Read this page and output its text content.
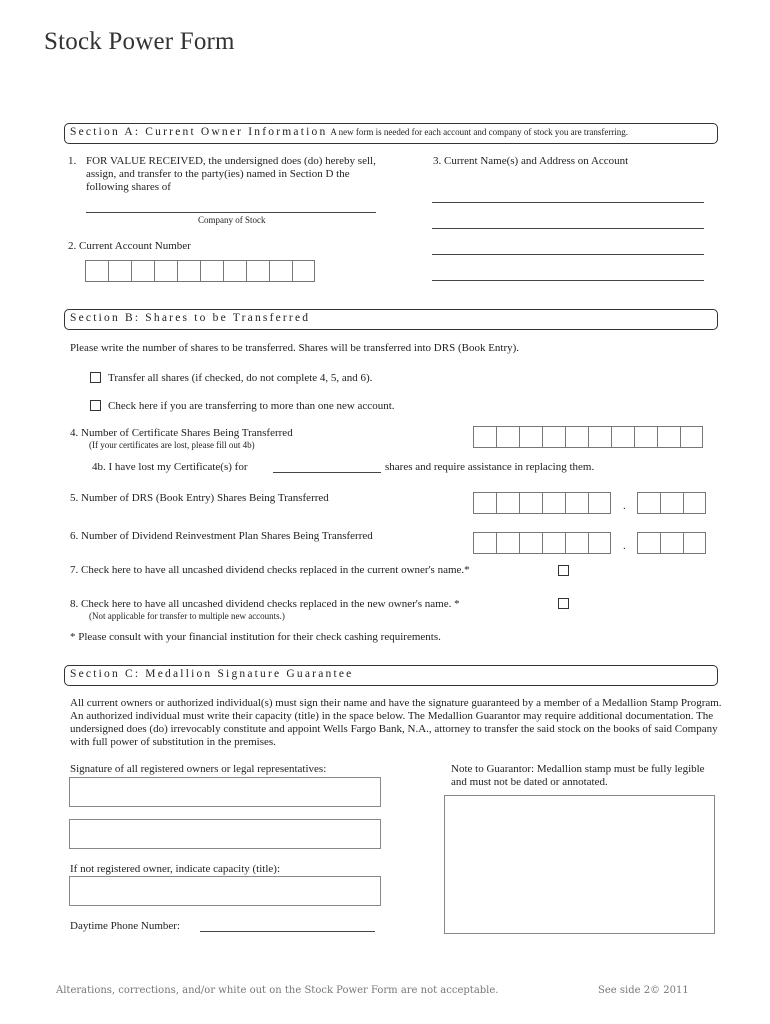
Stock Power Form
Section A: Current Owner Information A new form is needed for each account and company of stock you are transferring.
1. FOR VALUE RECEIVED, the undersigned does (do) hereby sell, assign, and transfer to the party(ies) named in Section D the following shares of
Company of Stock
2. Current Account Number
3. Current Name(s) and Address on Account
Section B: Shares to be Transferred
Please write the number of shares to be transferred. Shares will be transferred into DRS (Book Entry).
Transfer all shares (if checked, do not complete 4, 5, and 6).
Check here if you are transferring to more than one new account.
4. Number of Certificate Shares Being Transferred
(If your certificates are lost, please fill out 4b)
4b. I have lost my Certificate(s) for	shares and require assistance in replacing them.
5. Number of DRS (Book Entry) Shares Being Transferred
.
6. Number of Dividend Reinvestment Plan Shares Being Transferred
.
7. Check here to have all uncashed dividend checks replaced in the current owner's name.*
8. Check here to have all uncashed dividend checks replaced in the new owner's name. *
(Not applicable for transfer to multiple new accounts.)
* Please consult with your financial institution for their check cashing requirements.
Section C: Medallion Signature Guarantee
All current owners or authorized individual(s) must sign their name and have the signature guaranteed by a member of a Medallion Stamp Program. An authorized individual must write their capacity (title) in the space below. The Medallion Guarantor may require additional documentation. The undersigned does (do) irrevocably constitute and appoint Wells Fargo Bank, N.A., attorney to transfer the said stock on the books of said Company with full power of substitution in the premises.
Signature of all registered owners or legal representatives:
If not registered owner, indicate capacity (title):
Daytime Phone Number:
Note to Guarantor: Medallion stamp must be fully legible and must not be dated or annotated.
Alterations, corrections, and/or white out on the Stock Power Form are not acceptable.	See side 2© 2011
